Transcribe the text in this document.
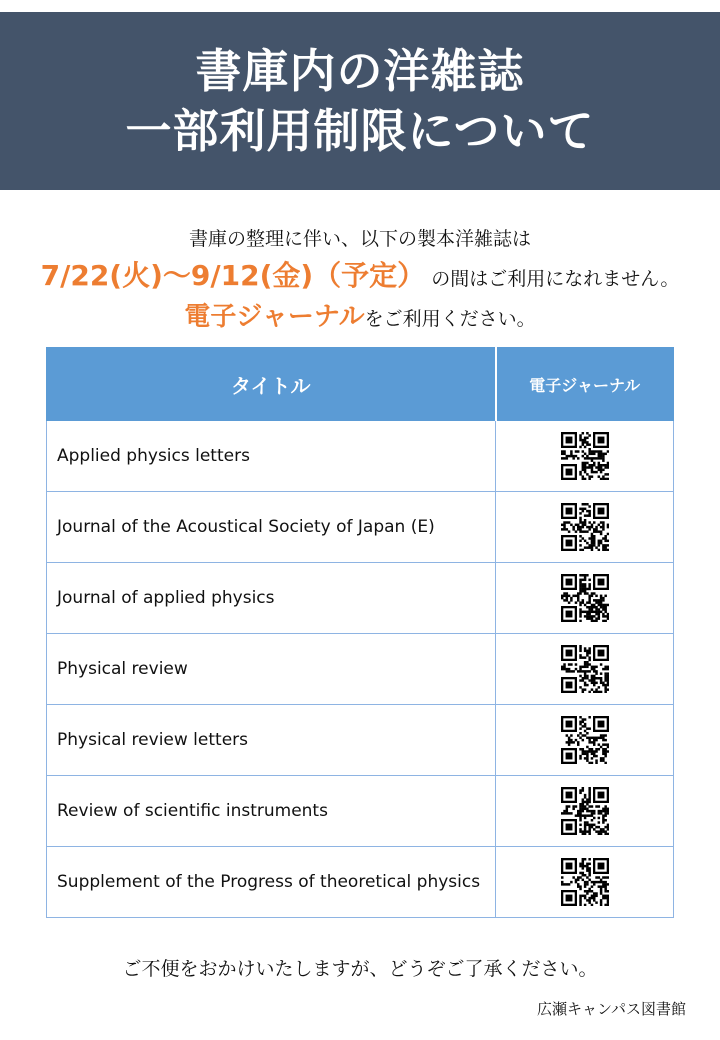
書庫内の洋雑誌
一部利用制限について
書庫の整理に伴い、以下の製本洋雑誌は
7/22(火)～9/12(金)（予定） の間はご利用になれません。
電子ジャーナルをご利用ください。
タイトル	電子ジャーナル
Applied physics letters	
Journal of the Acoustical Society of Japan (E)	
Journal of applied physics	
Physical review	
Physical review letters	
Review of scientific instruments	
Supplement of the Progress of theoretical physics	
ご不便をおかけいたしますが、どうぞご了承ください。
広瀬キャンパス図書館
